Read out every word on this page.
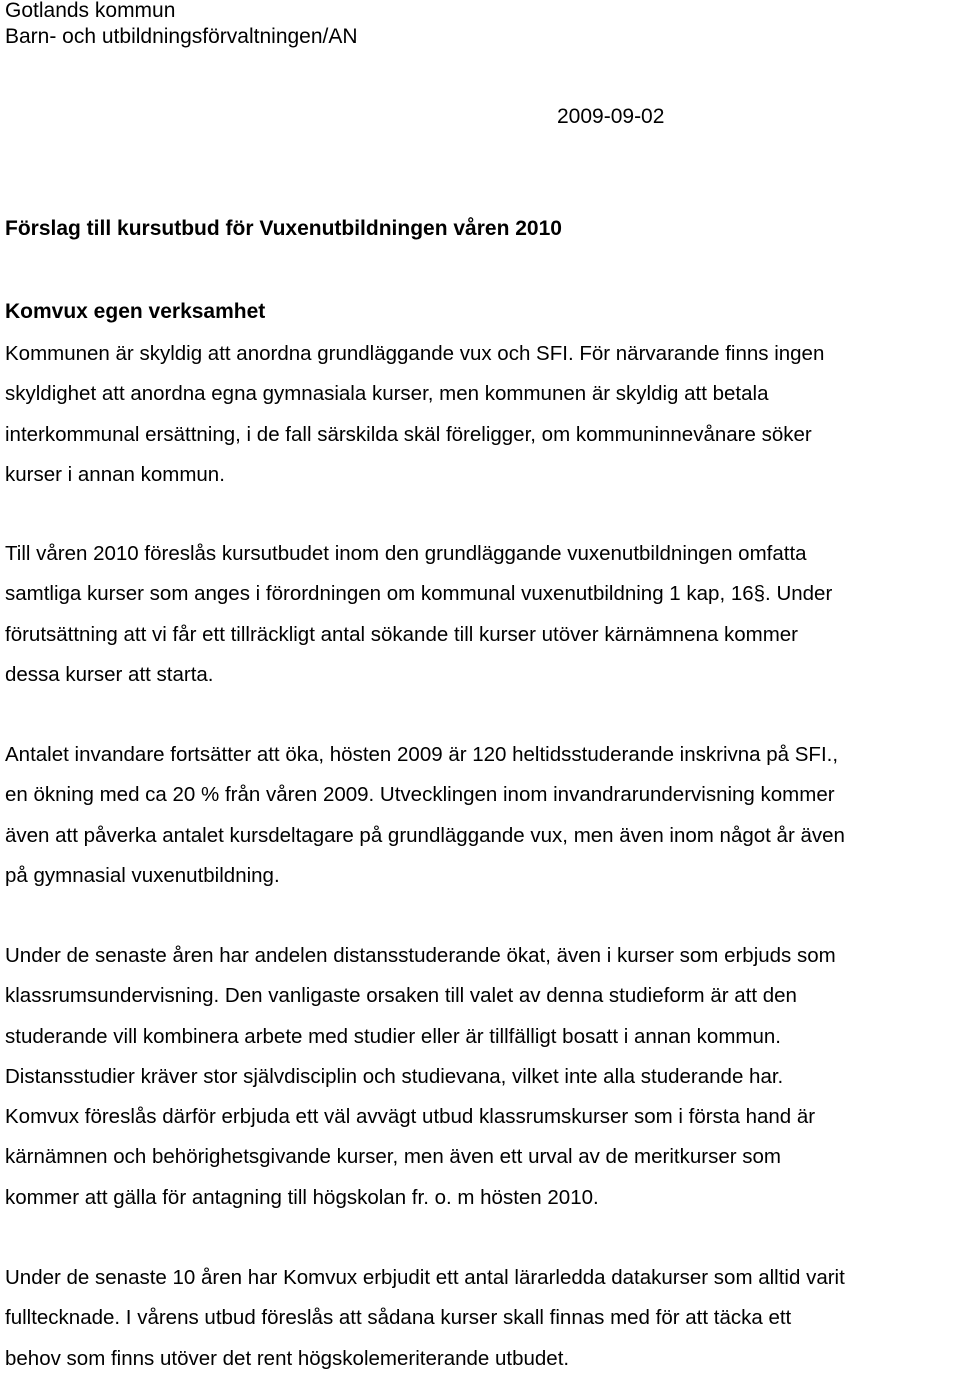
Gotlands kommun

Barn- och utbildningsförvaltningen/AN

2009-09-02

Förslag till kursutbud för Vuxenutbildningen våren 2010
Komvux egen verksamhet

Kommunen är skyldig att anordna grundläggande vux och SFI. För närvarande finns ingen

skyldighet att anordna egna gymnasiala kurser, men kommunen är skyldig att betala

interkommunal ersättning, i de fall särskilda skäl föreligger, om kommuninnevånare söker

kurser i annan kommun.

Till våren 2010 föreslås kursutbudet inom den grundläggande vuxenutbildningen omfatta

samtliga kurser som anges i förordningen om kommunal vuxenutbildning 1 kap, 16§. Under

förutsättning att vi får ett tillräckligt antal sökande till kurser utöver kärnämnena kommer

dessa kurser att starta.

Antalet invandare fortsätter att öka, hösten 2009 är 120 heltidsstuderande inskrivna på SFI.,

en ökning med ca 20 % från våren 2009. Utvecklingen inom invandrarundervisning kommer

även att påverka antalet kursdeltagare på grundläggande vux, men även inom något år även

på gymnasial vuxenutbildning.

Under de senaste åren har andelen distansstuderande ökat, även i kurser som erbjuds som

klassrumsundervisning. Den vanligaste orsaken till valet av denna studieform är att den

studerande vill kombinera arbete med studier eller är tillfälligt bosatt i annan kommun.

Distansstudier kräver stor självdisciplin och studievana, vilket inte alla studerande har.

Komvux föreslås därför erbjuda ett väl avvägt utbud klassrumskurser som i första hand är

kärnämnen och behörighetsgivande kurser, men även ett urval av de meritkurser som

kommer att gälla för antagning till högskolan fr. o. m hösten 2010.

Under de senaste 10 åren har Komvux erbjudit ett antal lärarledda datakurser som alltid varit

fulltecknade. I vårens utbud föreslås att sådana kurser skall finnas med för att täcka ett

behov som finns utöver det rent högskolemeriterande utbudet.
